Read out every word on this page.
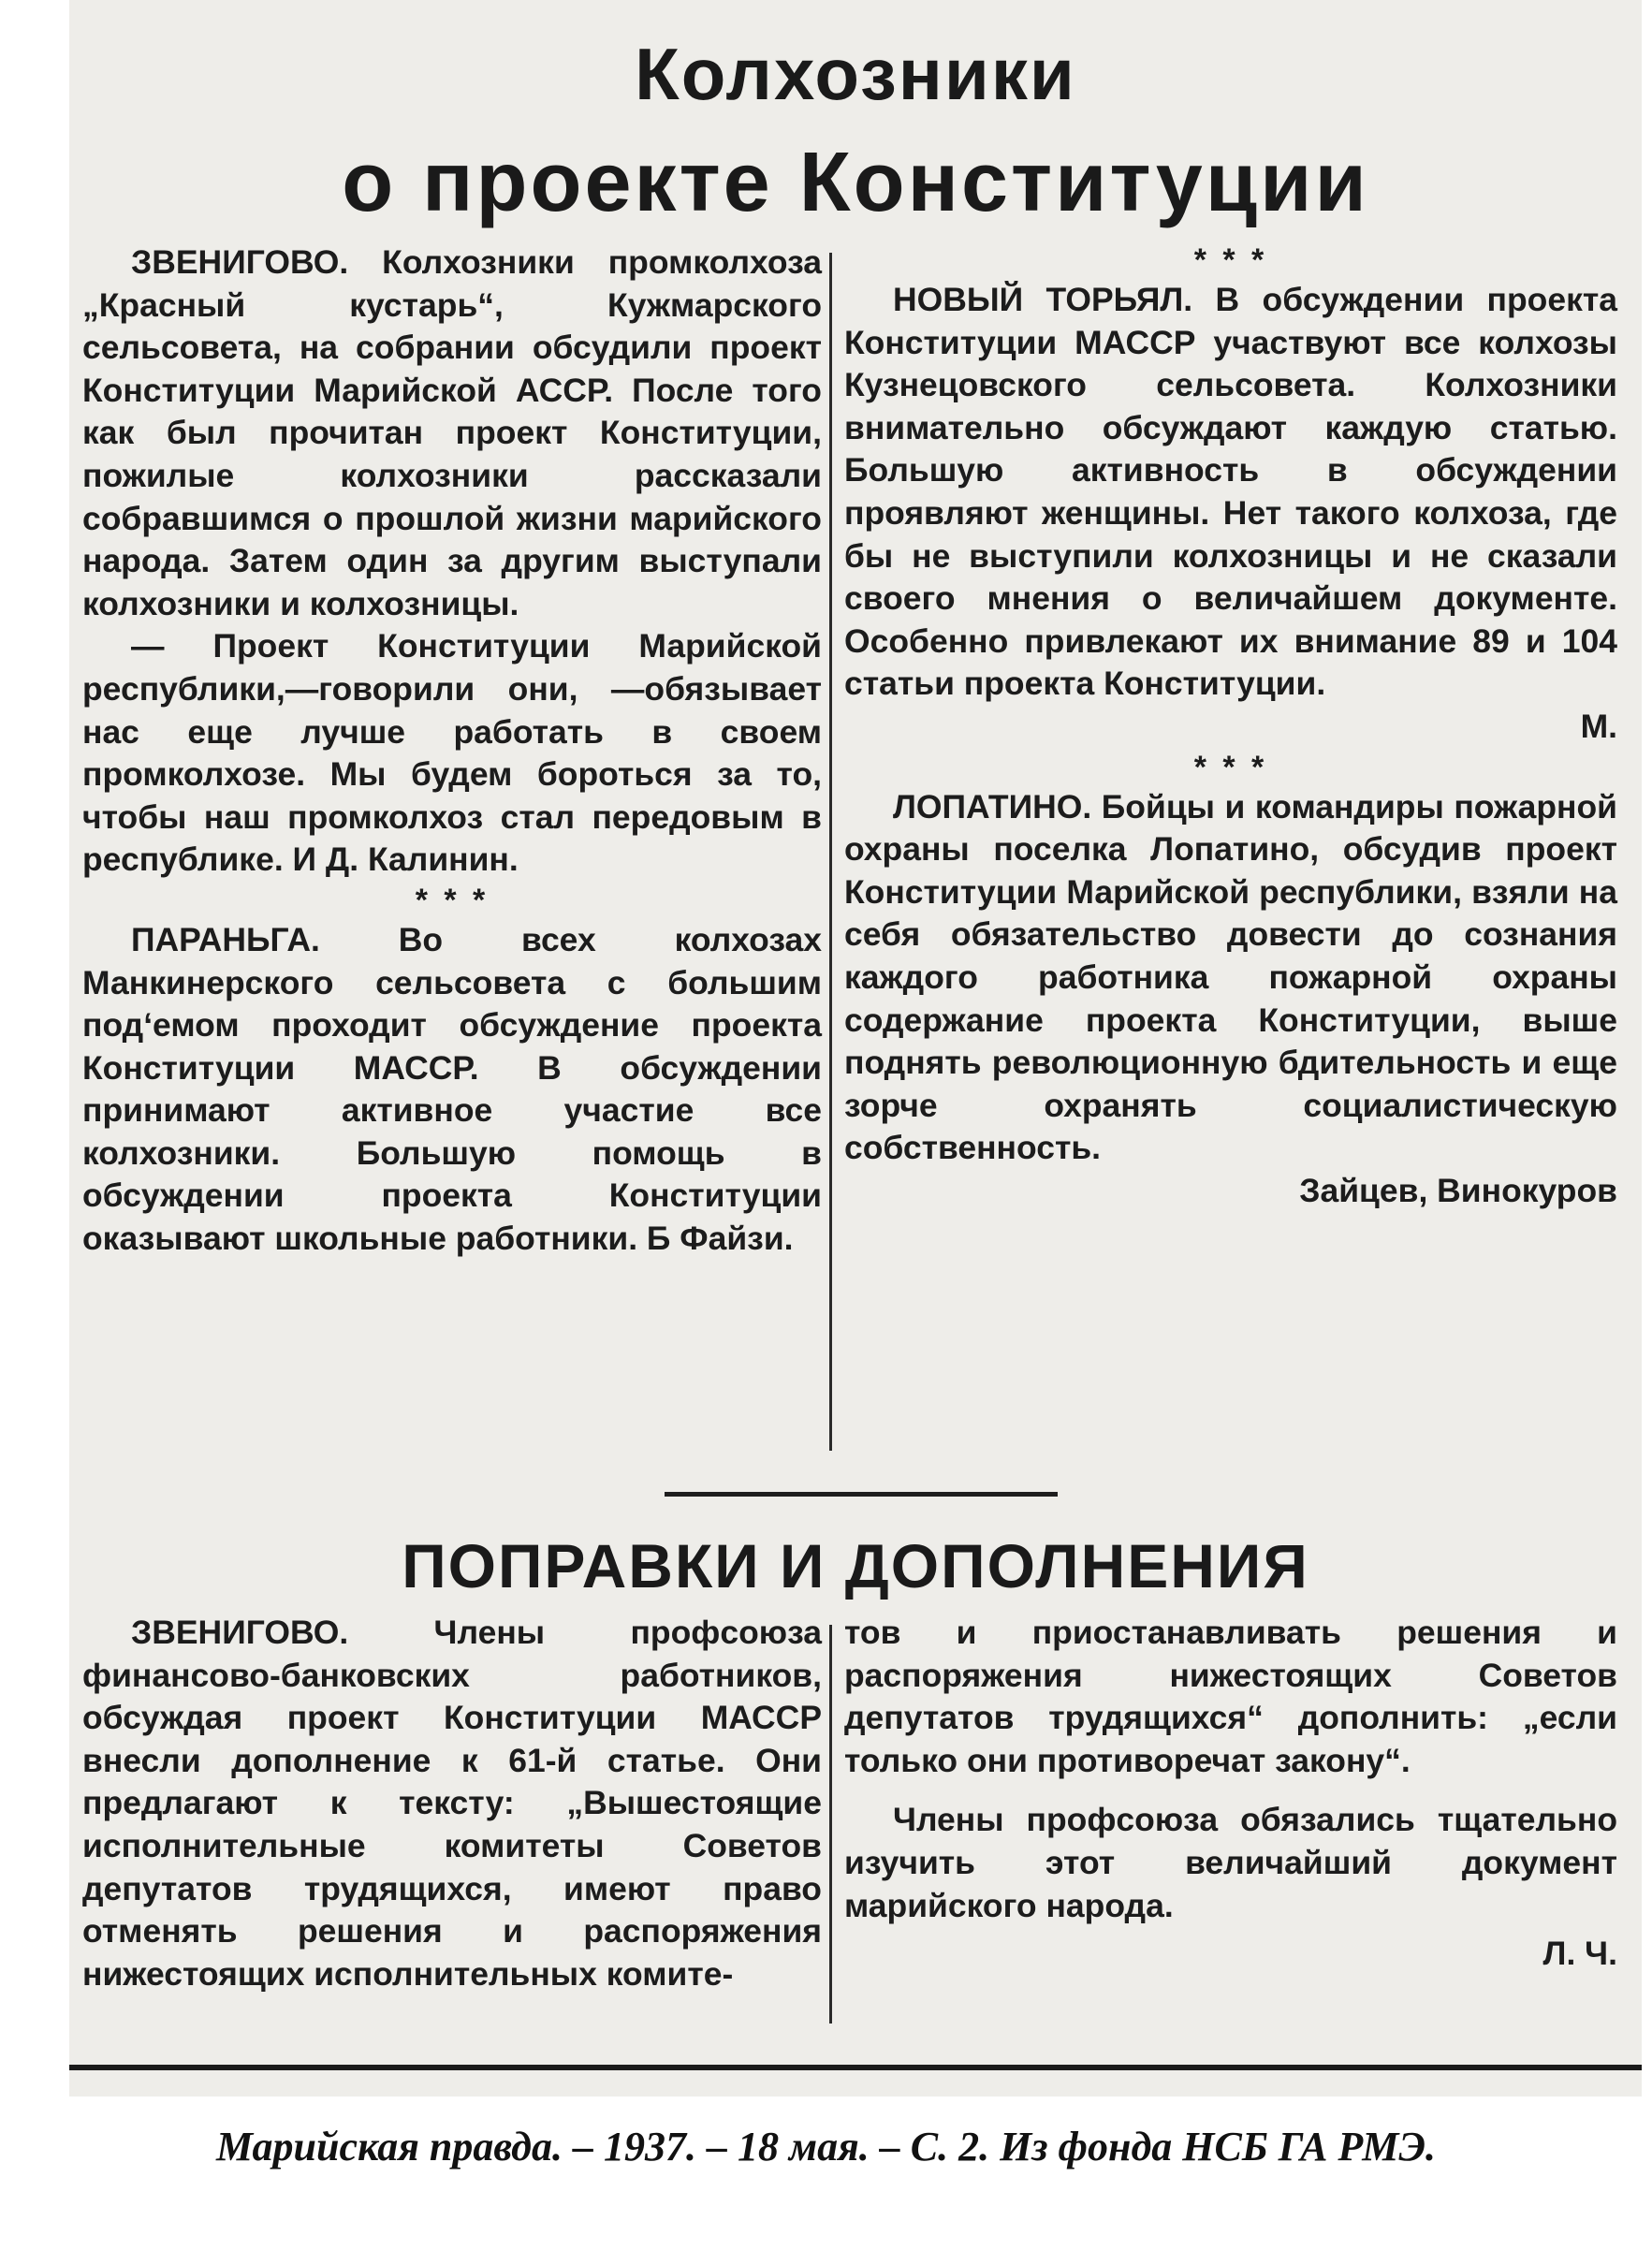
Колхозники
о проекте Конституции

ЗВЕНИГОВО. Колхозники промколхоза „Красный кустарь“, Кужмарского сельсовета, на собрании обсудили проект Конституции Марийской АССР. После того как был прочитан проект Конституции, пожилые колхозники рассказали собравшимся о прошлой жизни марийского народа. Затем один за другим выступали колхозники и колхозницы.

— Проект Конституции Марийской республики,—говорили они, —обязывает нас еще лучше работать в своем промколхозе. Мы будем бороться за то, чтобы наш промколхоз стал передовым в республике. И Д. Калинин.

* * *

ПАРАНЬГА. Во всех колхозах Манкинерского сельсовета с большим под‘емом проходит обсуждение проекта Конституции МАССР. В обсуждении принимают активное участие все колхозники. Большую помощь в обсуждении проекта Конституции оказывают школьные работники. Б Файзи.

* * *

НОВЫЙ ТОРЬЯЛ. В обсуждении проекта Конституции МАССР участвуют все колхозы Кузнецовского сельсовета. Колхозники внимательно обсуждают каждую статью. Большую активность в обсуждении проявляют женщины. Нет такого колхоза, где бы не выступили колхозницы и не сказали своего мнения о величайшем документе. Особенно привлекают их внимание 89 и 104 статьи проекта Конституции.

М.

* * *

ЛОПАТИНО. Бойцы и командиры пожарной охраны поселка Лопатино, обсудив проект Конституции Марийской республики, взяли на себя обязательство довести до сознания каждого работника пожарной охраны содержание проекта Конституции, выше поднять революционную бдительность и еще зорче охранять социалистическую собственность.

Зайцев, Винокуров

ПОПРАВКИ И ДОПОЛНЕНИЯ

ЗВЕНИГОВО. Члены профсоюза финансово-банковских работников, обсуждая проект Конституции МАССР внесли дополнение к 61-й статье. Они предлагают к тексту: „Вышестоящие исполнительные комитеты Советов депутатов трудящихся, имеют право отменять решения и распоряжения нижестоящих исполнительных комите-

тов и приостанавливать решения и распоряжения нижестоящих Советов депутатов трудящихся“ дополнить: „если только они противоречат закону“.

Члены профсоюза обязались тщательно изучить этот величайший документ марийского народа.

Л. Ч.

Марийская правда. – 1937. – 18 мая. – С. 2. Из фонда НСБ ГА РМЭ.
